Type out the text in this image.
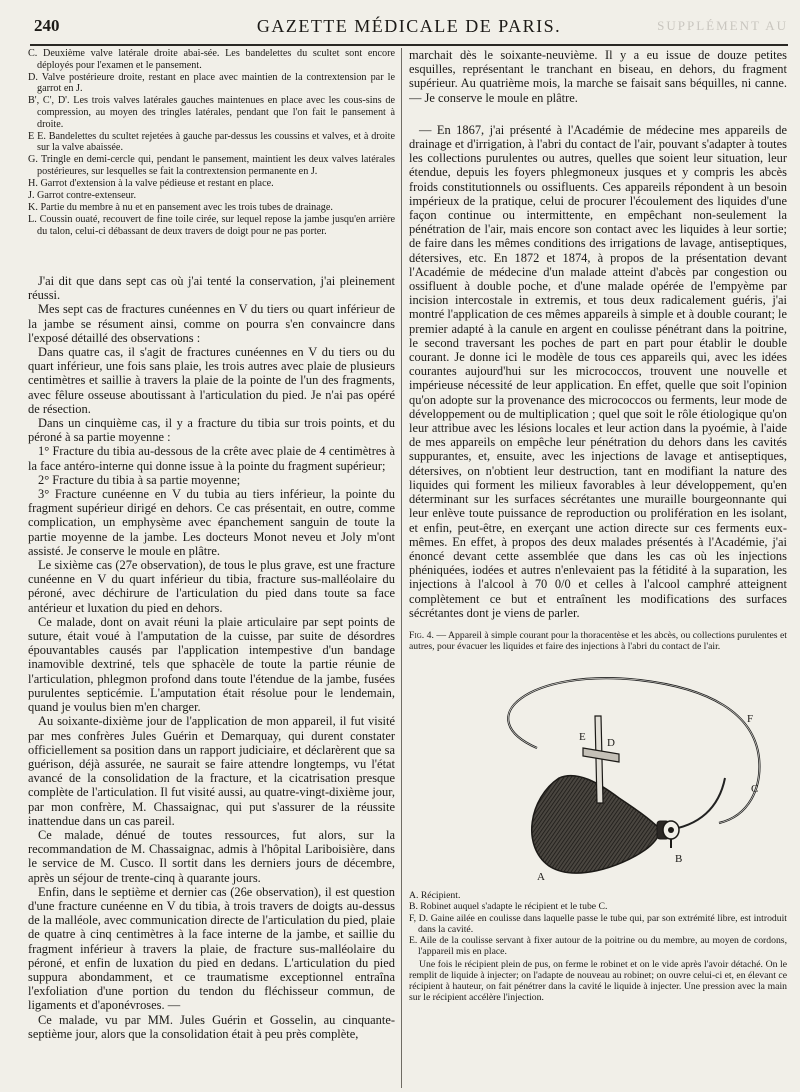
240	GAZETTE MÉDICALE DE PARIS.	SUPPLÉMENT AU

C. Deuxième valve latérale droite abai-sée. Les bandelettes du scultet sont encore déployés pour l'examen et le pansement.

D. Valve postérieure droite, restant en place avec maintien de la contrextension par le garrot en J.

B', C', D'. Les trois valves latérales gauches maintenues en place avec les cous-sins de compression, au moyen des tringles latérales, pendant que l'on fait le pansement à droite.

E E. Bandelettes du scultet rejetées à gauche par-dessus les coussins et valves, et à droite sur la valve abaissée.

G. Tringle en demi-cercle qui, pendant le pansement, maintient les deux valves latérales postérieures, sur lesquelles se fait la contrextension permanente en J.

H. Garrot d'extension à la valve pédieuse et restant en place.

J. Garrot contre-extenseur.

K. Partie du membre à nu et en pansement avec les trois tubes de drainage.

L. Coussin ouaté, recouvert de fine toile cirée, sur lequel repose la jambe jusqu'en arrière du talon, celui-ci débassant de deux travers de doigt pour ne pas porter.

J'ai dit que dans sept cas où j'ai tenté la conservation, j'ai pleinement réussi.

Mes sept cas de fractures cunéennes en V du tiers ou quart inférieur de la jambe se résument ainsi, comme on pourra s'en convaincre dans l'exposé détaillé des observations :

Dans quatre cas, il s'agit de fractures cunéennes en V du tiers ou du quart inférieur, une fois sans plaie, les trois autres avec plaie de plusieurs centimètres et saillie à travers la plaie de la pointe de l'un des fragments, avec fêlure osseuse aboutissant à l'articulation du pied. Je n'ai pas opéré de résection.

Dans un cinquième cas, il y a fracture du tibia sur trois points, et du péroné à sa partie moyenne :

1° Fracture du tibia au-dessous de la crête avec plaie de 4 centimètres à la face antéro-interne qui donne issue à la pointe du fragment supérieur;

2° Fracture du tibia à sa partie moyenne;

3° Fracture cunéenne en V du tubia au tiers inférieur, la pointe du fragment supérieur dirigé en dehors. Ce cas présentait, en outre, comme complication, un emphysème avec épanchement sanguin de toute la partie moyenne de la jambe. Les docteurs Monot neveu et Joly m'ont assisté. Je conserve le moule en plâtre.

Le sixième cas (27e observation), de tous le plus grave, est une fracture cunéenne en V du quart inférieur du tibia, fracture sus-malléolaire du péroné, avec déchirure de l'articulation du pied dans toute sa face antérieur et luxation du pied en dehors.

Ce malade, dont on avait réuni la plaie articulaire par sept points de suture, était voué à l'amputation de la cuisse, par suite de désordres épouvantables causés par l'application intempestive d'un bandage inamovible dextriné, tels que sphacèle de toute la partie réunie de l'articulation, phlegmon profond dans toute l'étendue de la jambe, fusées purulentes septicémie. L'amputation était résolue pour le lendemain, quand je voulus bien m'en charger.

Au soixante-dixième jour de l'application de mon appareil, il fut visité par mes confrères Jules Guérin et Demarquay, qui durent constater officiellement sa position dans un rapport judiciaire, et déclarèrent que sa guérison, déjà assurée, ne saurait se faire attendre longtemps, vu l'état avancé de la consolidation de la fracture, et la cicatrisation presque complète de l'articulation. Il fut visité aussi, au quatre-vingt-dixième jour, par mon confrère, M. Chassaignac, qui put s'assurer de la réussite inattendue dans un cas pareil.

Ce malade, dénué de toutes ressources, fut alors, sur la recommandation de M. Chassaignac, admis à l'hôpital Lariboisière, dans le service de M. Cusco. Il sortit dans les derniers jours de décembre, après un séjour de trente-cinq à quarante jours.

Enfin, dans le septième et dernier cas (26e observation), il est question d'une fracture cunéenne en V du tibia, à trois travers de doigts au-dessus de la malléole, avec communication directe de l'articulation du pied, plaie de quatre à cinq centimètres à la face interne de la jambe, et saillie du fragment inférieur à travers la plaie, de fracture sus-malléolaire du péroné, et enfin de luxation du pied en dedans. L'articulation du pied suppura abondamment, et ce traumatisme exceptionnel entraîna l'exfoliation d'une portion du tendon du fléchisseur commun, de ligaments et d'aponévroses. —

Ce malade, vu par MM. Jules Guérin et Gosselin, au cinquante-septième jour, alors que la consolidation était à peu près complète,

marchait dès le soixante-neuvième. Il y a eu issue de douze petites esquilles, représentant le tranchant en biseau, en dehors, du fragment supérieur. Au quatrième mois, la marche se faisait sans béquilles, ni canne. — Je conserve le moule en plâtre.

— En 1867, j'ai présenté à l'Académie de médecine mes appareils de drainage et d'irrigation, à l'abri du contact de l'air, pouvant s'adapter à toutes les collections purulentes ou autres, quelles que soient leur situation, leur étendue, depuis les foyers phlegmoneux jusques et y compris les abcès froids constitutionnels ou ossifluents. Ces appareils répondent à un besoin impérieux de la pratique, celui de procurer l'écoulement des liquides d'une façon continue ou intermittente, en empêchant non-seulement la pénétration de l'air, mais encore son contact avec les liquides à leur sortie; de faire dans les mêmes conditions des irrigations de lavage, antiseptiques, détersives, etc. En 1872 et 1874, à propos de la présentation devant l'Académie de médecine d'un malade atteint d'abcès par congestion ou ossifluent à double poche, et d'une malade opérée de l'empyème par incision intercostale in extremis, et tous deux radicalement guéris, j'ai montré l'application de ces mêmes appareils à simple et à double courant; le premier adapté à la canule en argent en coulisse pénétrant dans la poitrine, le second traversant les poches de part en part pour établir le double courant. Je donne ici le modèle de tous ces appareils qui, avec les idées courantes aujourd'hui sur les micrococcos, trouvent une nouvelle et impérieuse nécessité de leur application. En effet, quelle que soit l'opinion qu'on adopte sur la provenance des micrococcos ou ferments, leur mode de développement ou de multiplication ; quel que soit le rôle étiologique qu'on leur attribue avec les lésions locales et leur action dans la pyoémie, à l'aide de mes appareils on empêche leur pénétration du dehors dans les cavités suppurantes, et, ensuite, avec les injections de lavage et antiseptiques, détersives, on n'obtient leur destruction, tant en modifiant la nature des liquides qui forment les milieux favorables à leur développement, qu'en déterminant sur les surfaces sécrétantes une muraille bourgeonnante qui leur enlève toute puissance de reproduction ou prolifération en les isolant, et enfin, peut-être, en exerçant une action directe sur ces ferments eux-mêmes. En effet, à propos des deux malades présentés à l'Académie, j'ai énoncé devant cette assemblée que dans les cas où les injections phéniquées, iodées et autres n'enlevaient pas la fétidité à la suparation, les injections à l'alcool à 70 0/0 et celles à l'alcool camphré atteignent complètement ce but et entraînent les modifications des surfaces sécrétantes dont je viens de parler.

Fig. 4. — Appareil à simple courant pour la thoracentèse et les abcès, ou collections purulentes et autres, pour évacuer les liquides et faire des injections à l'abri du contact de l'air.

F
E D
C
A
B

A. Récipient.

B. Robinet auquel s'adapte le récipient et le tube C.

F, D. Gaine ailée en coulisse dans laquelle passe le tube qui, par son extrémité libre, est introduit dans la cavité.

E. Aile de la coulisse servant à fixer autour de la poitrine ou du membre, au moyen de cordons, l'appareil mis en place.

Une fois le récipient plein de pus, on ferme le robinet et on le vide après l'avoir détaché. On le remplit de liquide à injecter; on l'adapte de nouveau au robinet; on ouvre celui-ci et, en élevant ce récipient à hauteur, on fait pénétrer dans la cavité le liquide à injecter. Une pression avec la main sur le récipient accélère l'injection.
